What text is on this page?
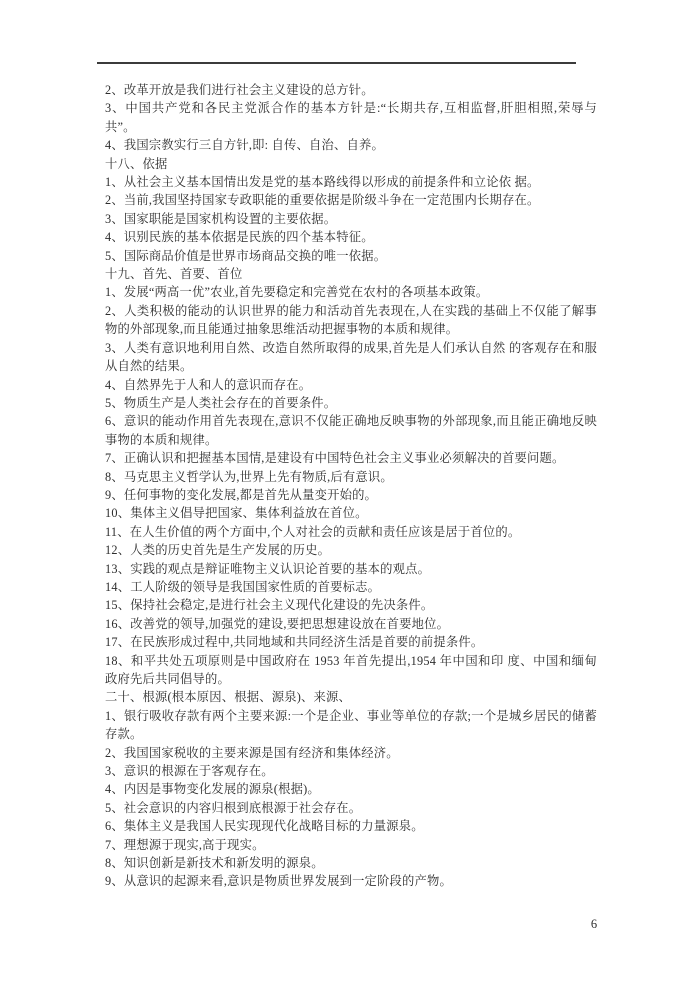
2、改革开放是我们进行社会主义建设的总方针。
3、中国共产党和各民主党派合作的基本方针是:“长期共存,互相监督,肝胆相照,荣辱与共”。
4、我国宗教实行三自方针,即: 自传、自治、自养。
十八、依据
1、从社会主义基本国情出发是党的基本路线得以形成的前提条件和立论依 据。
2、当前,我国坚持国家专政职能的重要依据是阶级斗争在一定范围内长期存在。
3、国家职能是国家机构设置的主要依据。
4、识别民族的基本依据是民族的四个基本特征。
5、国际商品价值是世界市场商品交换的唯一依据。
十九、首先、首要、首位
1、发展“两高一优”农业,首先要稳定和完善党在农村的各项基本政策。
2、人类积极的能动的认识世界的能力和活动首先表现在,人在实践的基础上不仅能了解事物的外部现象,而且能通过抽象思维活动把握事物的本质和规律。
3、人类有意识地利用自然、改造自然所取得的成果,首先是人们承认自然 的客观存在和服从自然的结果。
4、自然界先于人和人的意识而存在。
5、物质生产是人类社会存在的首要条件。
6、意识的能动作用首先表现在,意识不仅能正确地反映事物的外部现象,而且能正确地反映事物的本质和规律。
7、正确认识和把握基本国情,是建设有中国特色社会主义事业必须解决的首要问题。
8、马克思主义哲学认为,世界上先有物质,后有意识。
9、任何事物的变化发展,都是首先从量变开始的。
10、集体主义倡导把国家、集体利益放在首位。
11、在人生价值的两个方面中,个人对社会的贡献和责任应该是居于首位的。
12、人类的历史首先是生产发展的历史。
13、实践的观点是辩证唯物主义认识论首要的基本的观点。
14、工人阶级的领导是我国国家性质的首要标志。
15、保持社会稳定,是进行社会主义现代化建设的先决条件。
16、改善党的领导,加强党的建设,要把思想建设放在首要地位。
17、在民族形成过程中,共同地域和共同经济生活是首要的前提条件。
18、和平共处五项原则是中国政府在 1953 年首先提出,1954 年中国和印 度、中国和缅甸政府先后共同倡导的。
二十、根源(根本原因、根据、源泉)、来源、
1、银行吸收存款有两个主要来源:一个是企业、事业等单位的存款;一个是城乡居民的储蓄存款。
2、我国国家税收的主要来源是国有经济和集体经济。
3、意识的根源在于客观存在。
4、内因是事物变化发展的源泉(根据)。
5、社会意识的内容归根到底根源于社会存在。
6、集体主义是我国人民实现现代化战略目标的力量源泉。
7、理想源于现实,高于现实。
8、知识创新是新技术和新发明的源泉。
9、从意识的起源来看,意识是物质世界发展到一定阶段的产物。
6
